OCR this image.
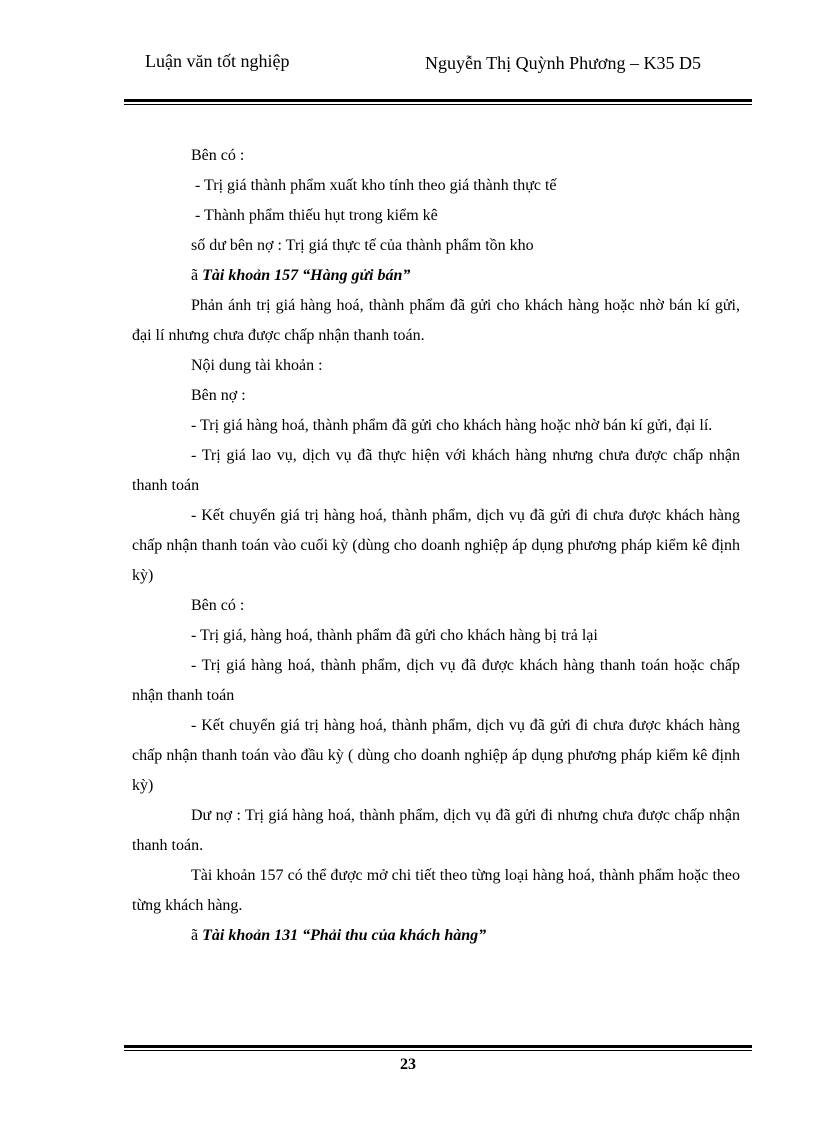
Luận văn tốt nghiệp	Nguyễn Thị Quỳnh Phương – K35 D5

Bên có :

- Trị giá thành phẩm xuất kho tính theo giá thành thực tế

- Thành phẩm thiếu hụt trong kiểm kê

số dư bên nợ : Trị giá thực tế của thành phẩm tồn kho

ã Tài khoản 157 “Hàng gửi bán”

Phản ánh trị giá hàng hoá, thành phẩm đã gửi cho khách hàng hoặc nhờ bán kí gửi, đại lí nhưng chưa được chấp nhận thanh toán.

Nội dung tài khoản :

Bên nợ :

- Trị giá hàng hoá, thành phẩm đã gửi cho khách hàng hoặc nhờ bán kí gửi, đại lí.

- Trị giá lao vụ, dịch vụ đã thực hiện với khách hàng nhưng chưa được chấp nhận thanh toán

- Kết chuyển giá trị hàng hoá, thành phẩm, dịch vụ đã gửi đi chưa được khách hàng chấp nhận thanh toán vào cuối kỳ (dùng cho doanh nghiệp áp dụng phương pháp kiểm kê định kỳ)

Bên có :

- Trị giá, hàng hoá, thành phẩm đã gửi cho khách hàng bị trả lại

- Trị giá hàng hoá, thành phẩm, dịch vụ đã được khách hàng thanh toán hoặc chấp nhận thanh toán

- Kết chuyển giá trị hàng hoá, thành phẩm, dịch vụ đã gửi đi chưa được khách hàng chấp nhận thanh toán vào đầu kỳ ( dùng cho doanh nghiệp áp dụng phương pháp kiểm kê định kỳ)

Dư nợ : Trị giá hàng hoá, thành phẩm, dịch vụ đã gửi đi nhưng chưa được chấp nhận thanh toán.

Tài khoản 157 có thể được mở chi tiết theo từng loại hàng hoá, thành phẩm hoặc theo từng khách hàng.

ã Tài khoản 131 “Phải thu của khách hàng”

23
